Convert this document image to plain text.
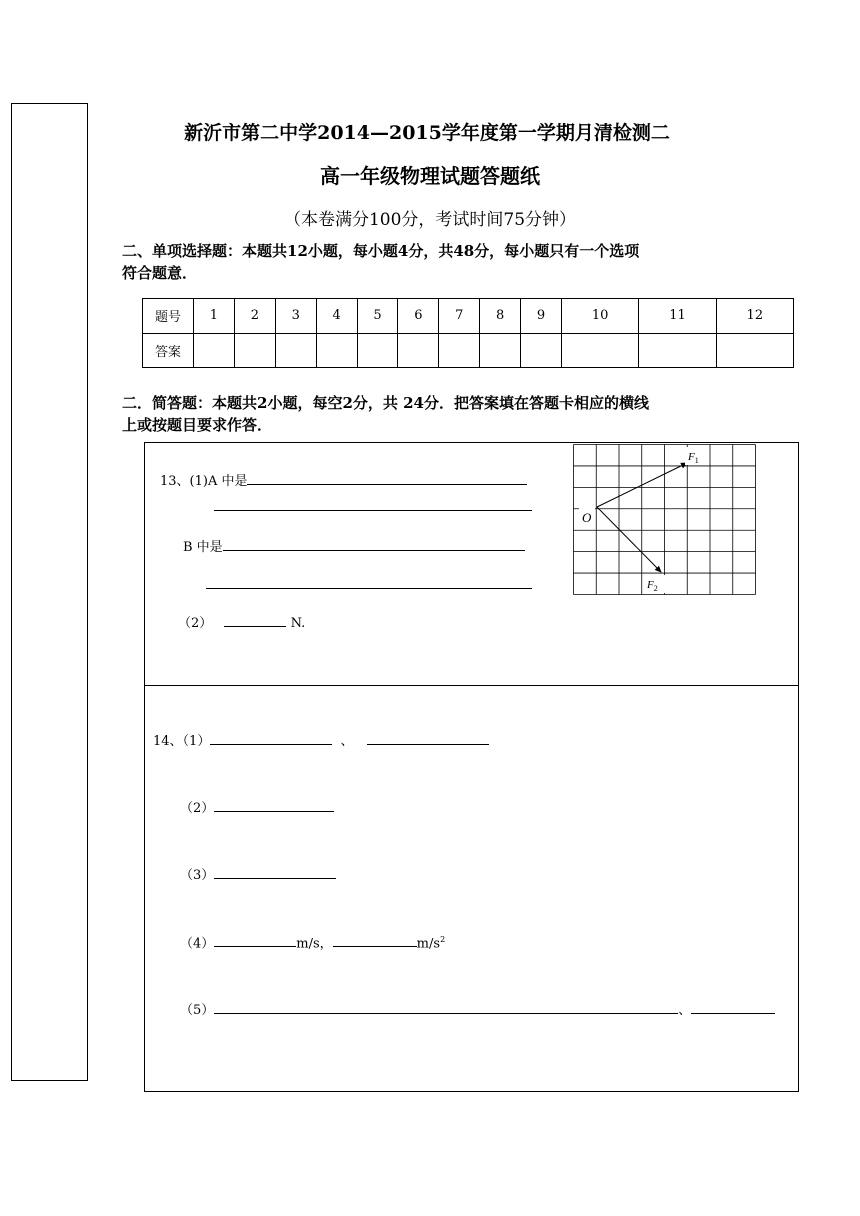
新沂市第二中学2014—2015学年度第一学期月清检测二
高一年级物理试题答题纸
（本卷满分100分，考试时间75分钟）
二、单项选择题：本题共12小题，每小题4分，共48分，每小题只有一个选项
符合题意．
题号	1	2	3	4	5	6	7	8	9	10	11	12
答案												
二．简答题：本题共2小题，每空2分，共 24分．把答案填在答题卡相应的横线
上或按题目要求作答．
13、(1)A 中是
B 中是
（2）	N.
O
$F_1$
$F_2$
14、（1）	、
（2）
（3）
（4）	m/s，	$m/s^2$
（5）	、
